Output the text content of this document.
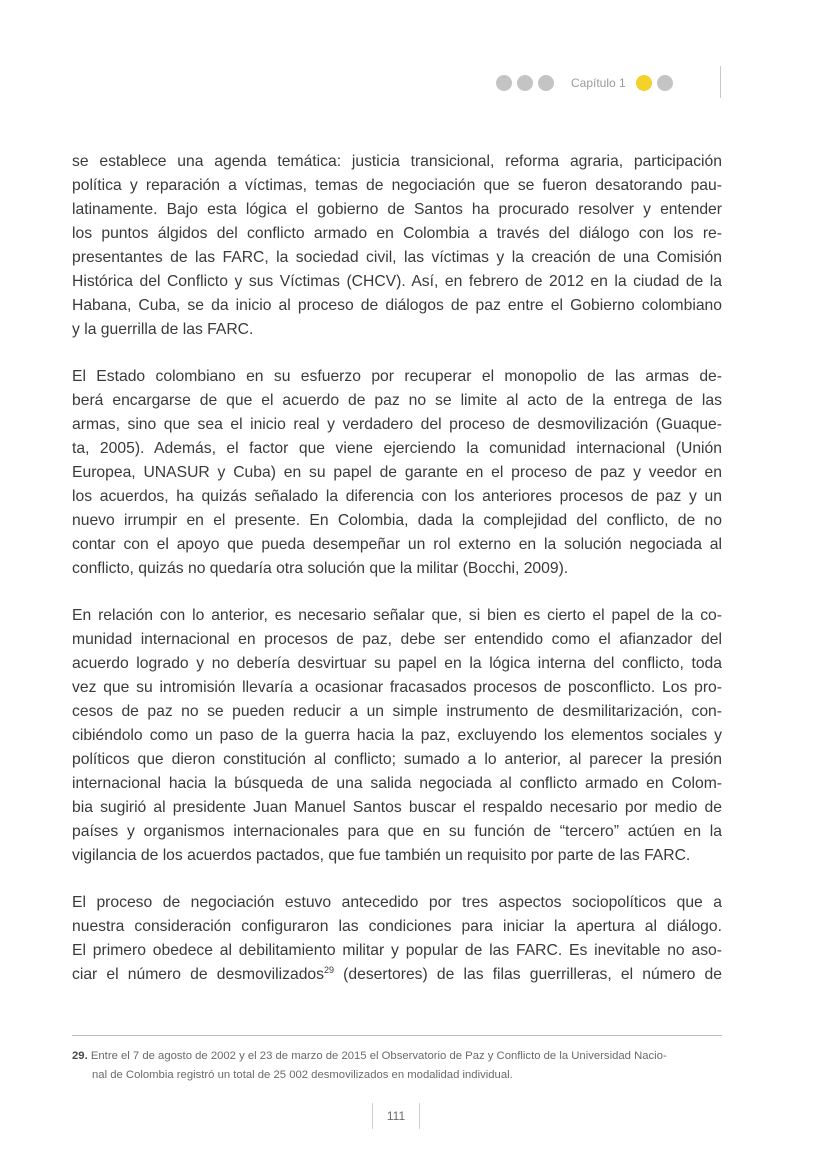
Capítulo 1

se establece una agenda temática: justicia transicional, reforma agraria, participación
política y reparación a víctimas, temas de negociación que se fueron desatorando pau-
latinamente. Bajo esta lógica el gobierno de Santos ha procurado resolver y entender
los puntos álgidos del conflicto armado en Colombia a través del diálogo con los re-
presentantes de las FARC, la sociedad civil, las víctimas y la creación de una Comisión
Histórica del Conflicto y sus Víctimas (CHCV). Así, en febrero de 2012 en la ciudad de la
Habana, Cuba, se da inicio al proceso de diálogos de paz entre el Gobierno colombiano
y la guerrilla de las FARC.

El Estado colombiano en su esfuerzo por recuperar el monopolio de las armas de-
berá encargarse de que el acuerdo de paz no se limite al acto de la entrega de las
armas, sino que sea el inicio real y verdadero del proceso de desmovilización (Guaque-
ta, 2005). Además, el factor que viene ejerciendo la comunidad internacional (Unión
Europea, UNASUR y Cuba) en su papel de garante en el proceso de paz y veedor en
los acuerdos, ha quizás señalado la diferencia con los anteriores procesos de paz y un
nuevo irrumpir en el presente. En Colombia, dada la complejidad del conflicto, de no
contar con el apoyo que pueda desempeñar un rol externo en la solución negociada al
conflicto, quizás no quedaría otra solución que la militar (Bocchi, 2009).

En relación con lo anterior, es necesario señalar que, si bien es cierto el papel de la co-
munidad internacional en procesos de paz, debe ser entendido como el afianzador del
acuerdo logrado y no debería desvirtuar su papel en la lógica interna del conflicto, toda
vez que su intromisión llevaría a ocasionar fracasados procesos de posconflicto. Los pro-
cesos de paz no se pueden reducir a un simple instrumento de desmilitarización, con-
cibiéndolo como un paso de la guerra hacia la paz, excluyendo los elementos sociales y
políticos que dieron constitución al conflicto; sumado a lo anterior, al parecer la presión
internacional hacia la búsqueda de una salida negociada al conflicto armado en Colom-
bia sugirió al presidente Juan Manuel Santos buscar el respaldo necesario por medio de
países y organismos internacionales para que en su función de “tercero” actúen en la
vigilancia de los acuerdos pactados, que fue también un requisito por parte de las FARC.

El proceso de negociación estuvo antecedido por tres aspectos sociopolíticos que a
nuestra consideración configuraron las condiciones para iniciar la apertura al diálogo.
El primero obedece al debilitamiento militar y popular de las FARC. Es inevitable no aso-
ciar el número de desmovilizados$^{29}$ (desertores) de las filas guerrilleras, el número de

29. Entre el 7 de agosto de 2002 y el 23 de marzo de 2015 el Observatorio de Paz y Conflicto de la Universidad Nacio-
nal de Colombia registró un total de 25 002 desmovilizados en modalidad individual.
111
